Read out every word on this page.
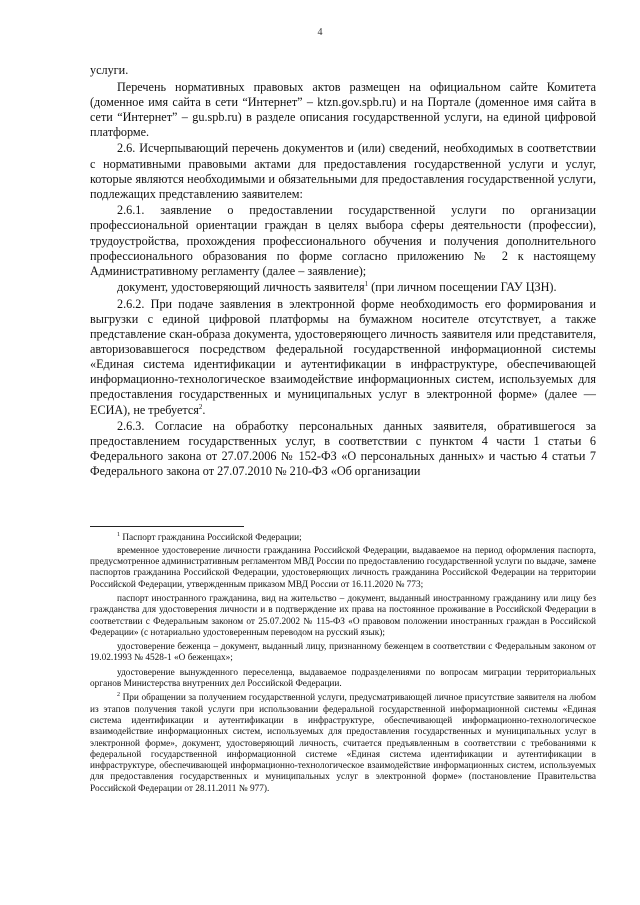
4

услуги.

Перечень нормативных правовых актов размещен на официальном сайте Комитета (доменное имя сайта в сети “Интернет” – ktzn.gov.spb.ru) и на Портале (доменное имя сайта в сети “Интернет” – gu.spb.ru) в разделе описания государственной услуги, на единой цифровой платформе.

2.6. Исчерпывающий перечень документов и (или) сведений, необходимых в соответствии с нормативными правовыми актами для предоставления государственной услуги и услуг, которые являются необходимыми и обязательными для предоставления государственной услуги, подлежащих представлению заявителем:

2.6.1. заявление о предоставлении государственной услуги по организации профессиональной ориентации граждан в целях выбора сферы деятельности (профессии), трудоустройства, прохождения профессионального обучения и получения дополнительного профессионального образования по форме согласно приложению № 2 к настоящему Административному регламенту (далее – заявление);

документ, удостоверяющий личность заявителя$^1$ (при личном посещении ГАУ ЦЗН).

2.6.2. При подаче заявления в электронной форме необходимость его формирования и выгрузки с единой цифровой платформы на бумажном носителе отсутствует, а также представление скан-образа документа, удостоверяющего личность заявителя или представителя, авторизовавшегося посредством федеральной государственной информационной системы «Единая система идентификации и аутентификации в инфраструктуре, обеспечивающей информационно-технологическое взаимодействие информационных систем, используемых для предоставления государственных и муниципальных услуг в электронной форме» (далее — ЕСИА), не требуется$^2$.

2.6.3. Согласие на обработку персональных данных заявителя, обратившегося за предоставлением государственных услуг, в соответствии с пунктом 4 части 1 статьи 6 Федерального закона от 27.07.2006 № 152-ФЗ «О персональных данных» и частью 4 статьи 7 Федерального закона от 27.07.2010 № 210-ФЗ «Об организации

$^1$ Паспорт гражданина Российской Федерации;

временное удостоверение личности гражданина Российской Федерации, выдаваемое на период оформления паспорта, предусмотренное административным регламентом МВД России по предоставлению государственной услуги по выдаче, замене паспортов гражданина Российской Федерации, удостоверяющих личность гражданина Российской Федерации на территории Российской Федерации, утвержденным приказом МВД России от 16.11.2020 № 773;

паспорт иностранного гражданина, вид на жительство – документ, выданный иностранному гражданину или лицу без гражданства для удостоверения личности и в подтверждение их права на постоянное проживание в Российской Федерации в соответствии с Федеральным законом от 25.07.2002 № 115-ФЗ «О правовом положении иностранных граждан в Российской Федерации» (с нотариально удостоверенным переводом на русский язык);

удостоверение беженца – документ, выданный лицу, признанному беженцем в соответствии с Федеральным законом от 19.02.1993 № 4528-1 «О беженцах»;

удостоверение вынужденного переселенца, выдаваемое подразделениями по вопросам миграции территориальных органов Министерства внутренних дел Российской Федерации.

$^2$ При обращении за получением государственной услуги, предусматривающей личное присутствие заявителя на любом из этапов получения такой услуги при использовании федеральной государственной информационной системы «Единая система идентификации и аутентификации в инфраструктуре, обеспечивающей информационно-технологическое взаимодействие информационных систем, используемых для предоставления государственных и муниципальных услуг в электронной форме», документ, удостоверяющий личность, считается предъявленным в соответствии с требованиями к федеральной государственной информационной системе «Единая система идентификации и аутентификации в инфраструктуре, обеспечивающей информационно-технологическое взаимодействие информационных систем, используемых для предоставления государственных и муниципальных услуг в электронной форме» (постановление Правительства Российской Федерации от 28.11.2011 № 977).
